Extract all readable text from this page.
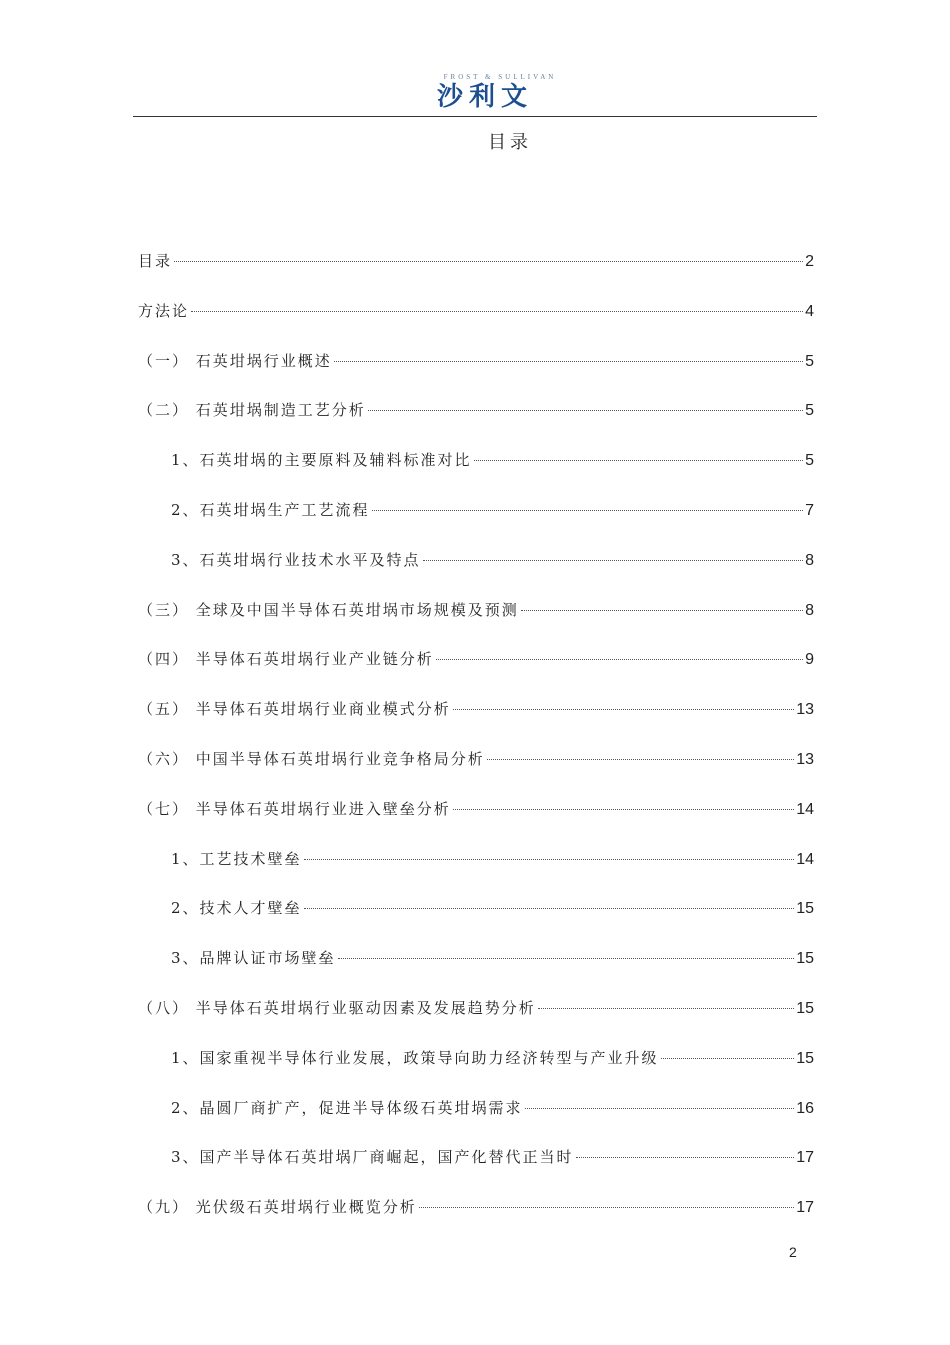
FROST & SULLIVAN
沙利文
目录
目录	2
方法论	4
（一） 石英坩埚行业概述	5
（二） 石英坩埚制造工艺分析	5
1、石英坩埚的主要原料及辅料标准对比	5
2、石英坩埚生产工艺流程	7
3、石英坩埚行业技术水平及特点	8
（三） 全球及中国半导体石英坩埚市场规模及预测	8
（四） 半导体石英坩埚行业产业链分析	9
（五） 半导体石英坩埚行业商业模式分析	13
（六） 中国半导体石英坩埚行业竞争格局分析	13
（七） 半导体石英坩埚行业进入壁垒分析	14
1、工艺技术壁垒	14
2、技术人才壁垒	15
3、品牌认证市场壁垒	15
（八） 半导体石英坩埚行业驱动因素及发展趋势分析	15
1、国家重视半导体行业发展，政策导向助力经济转型与产业升级	15
2、晶圆厂商扩产，促进半导体级石英坩埚需求	16
3、国产半导体石英坩埚厂商崛起，国产化替代正当时	17
（九） 光伏级石英坩埚行业概览分析	17
2
